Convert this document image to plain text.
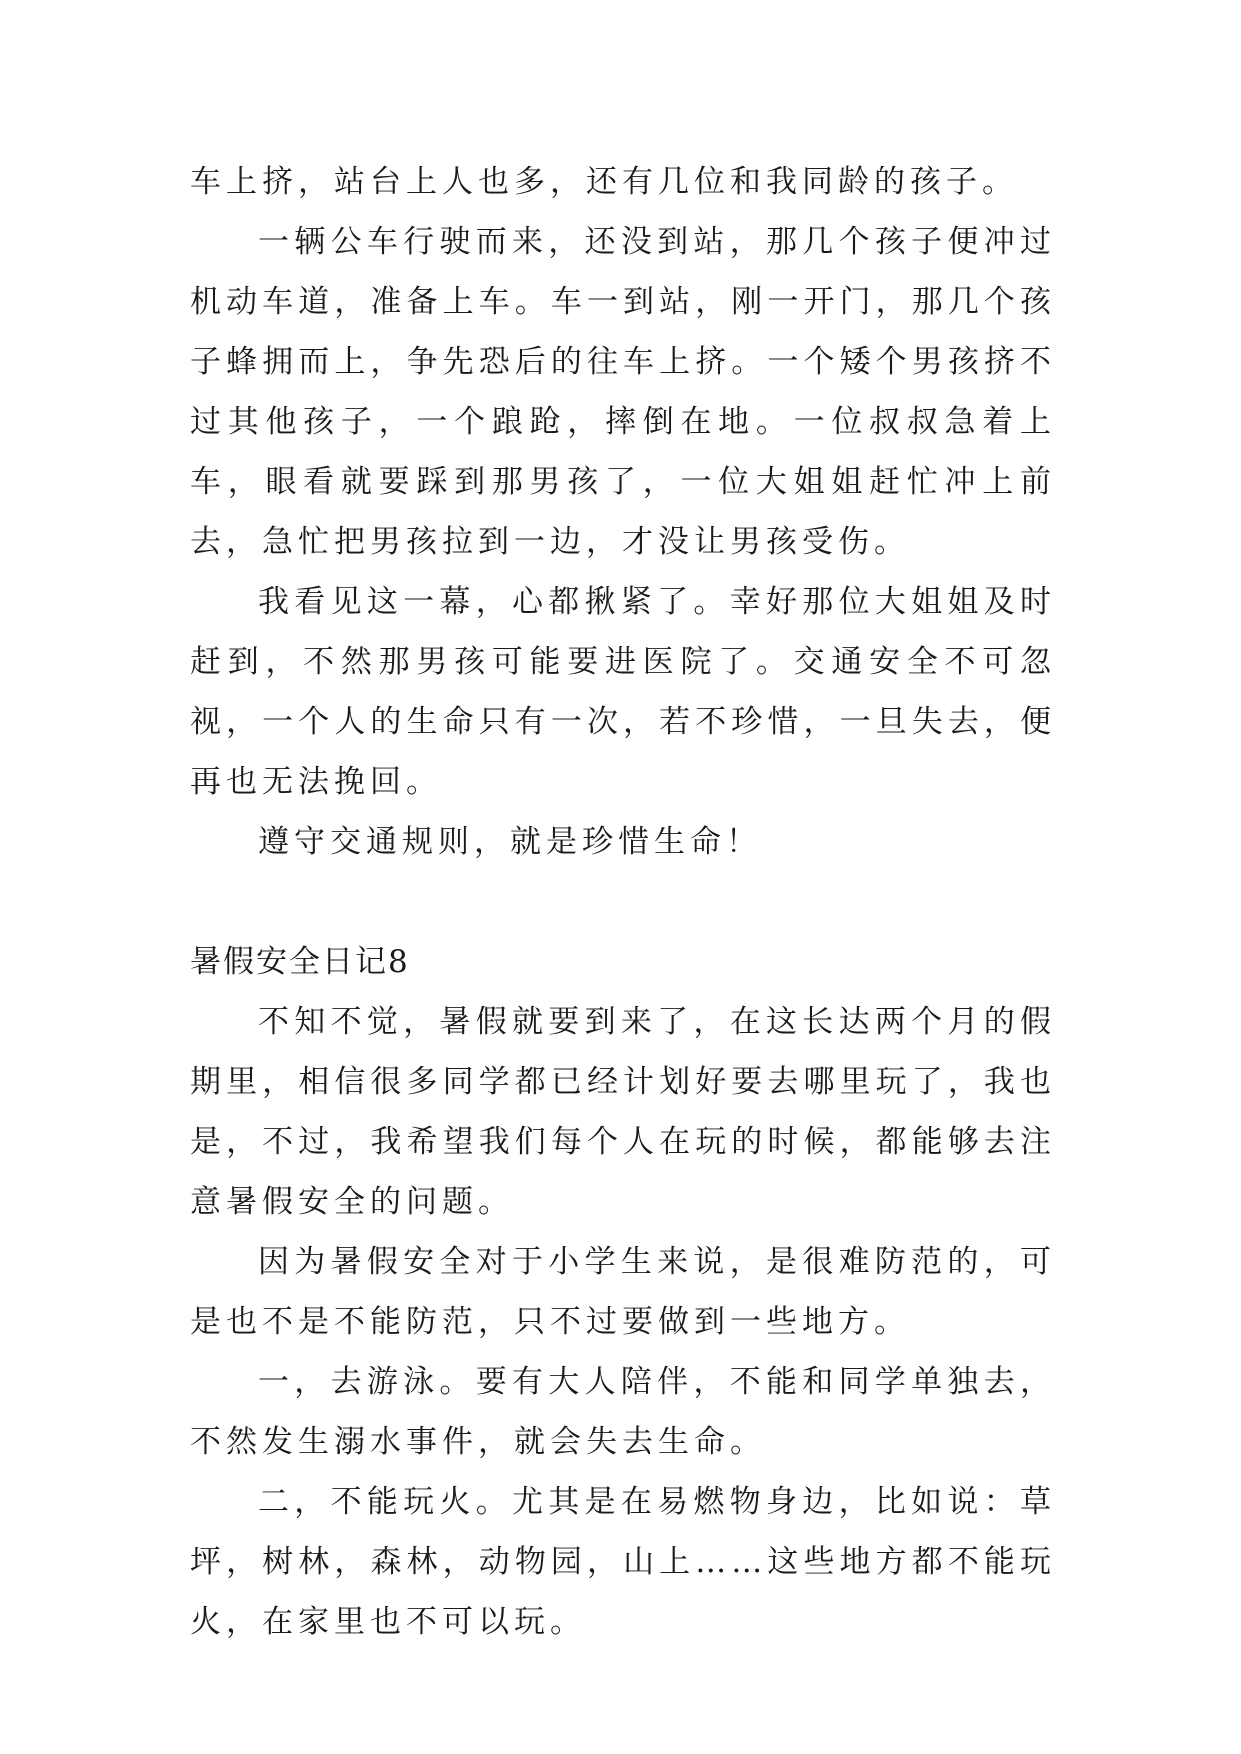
车上挤，站台上人也多，还有几位和我同龄的孩子。

一辆公车行驶而来，还没到站，那几个孩子便冲过机动车道，准备上车。车一到站，刚一开门，那几个孩子蜂拥而上，争先恐后的往车上挤。一个矮个男孩挤不过其他孩子，一个踉跄，摔倒在地。一位叔叔急着上车，眼看就要踩到那男孩了，一位大姐姐赶忙冲上前去，急忙把男孩拉到一边，才没让男孩受伤。

我看见这一幕，心都揪紧了。幸好那位大姐姐及时赶到，不然那男孩可能要进医院了。交通安全不可忽视，一个人的生命只有一次，若不珍惜，一旦失去，便再也无法挽回。

遵守交通规则，就是珍惜生命！

暑假安全日记8

不知不觉，暑假就要到来了，在这长达两个月的假期里，相信很多同学都已经计划好要去哪里玩了，我也是，不过，我希望我们每个人在玩的时候，都能够去注意暑假安全的问题。

因为暑假安全对于小学生来说，是很难防范的，可是也不是不能防范，只不过要做到一些地方。

一，去游泳。要有大人陪伴，不能和同学单独去，不然发生溺水事件，就会失去生命。

二，不能玩火。尤其是在易燃物身边，比如说：草坪，树林，森林，动物园，山上……这些地方都不能玩火，在家里也不可以玩。
